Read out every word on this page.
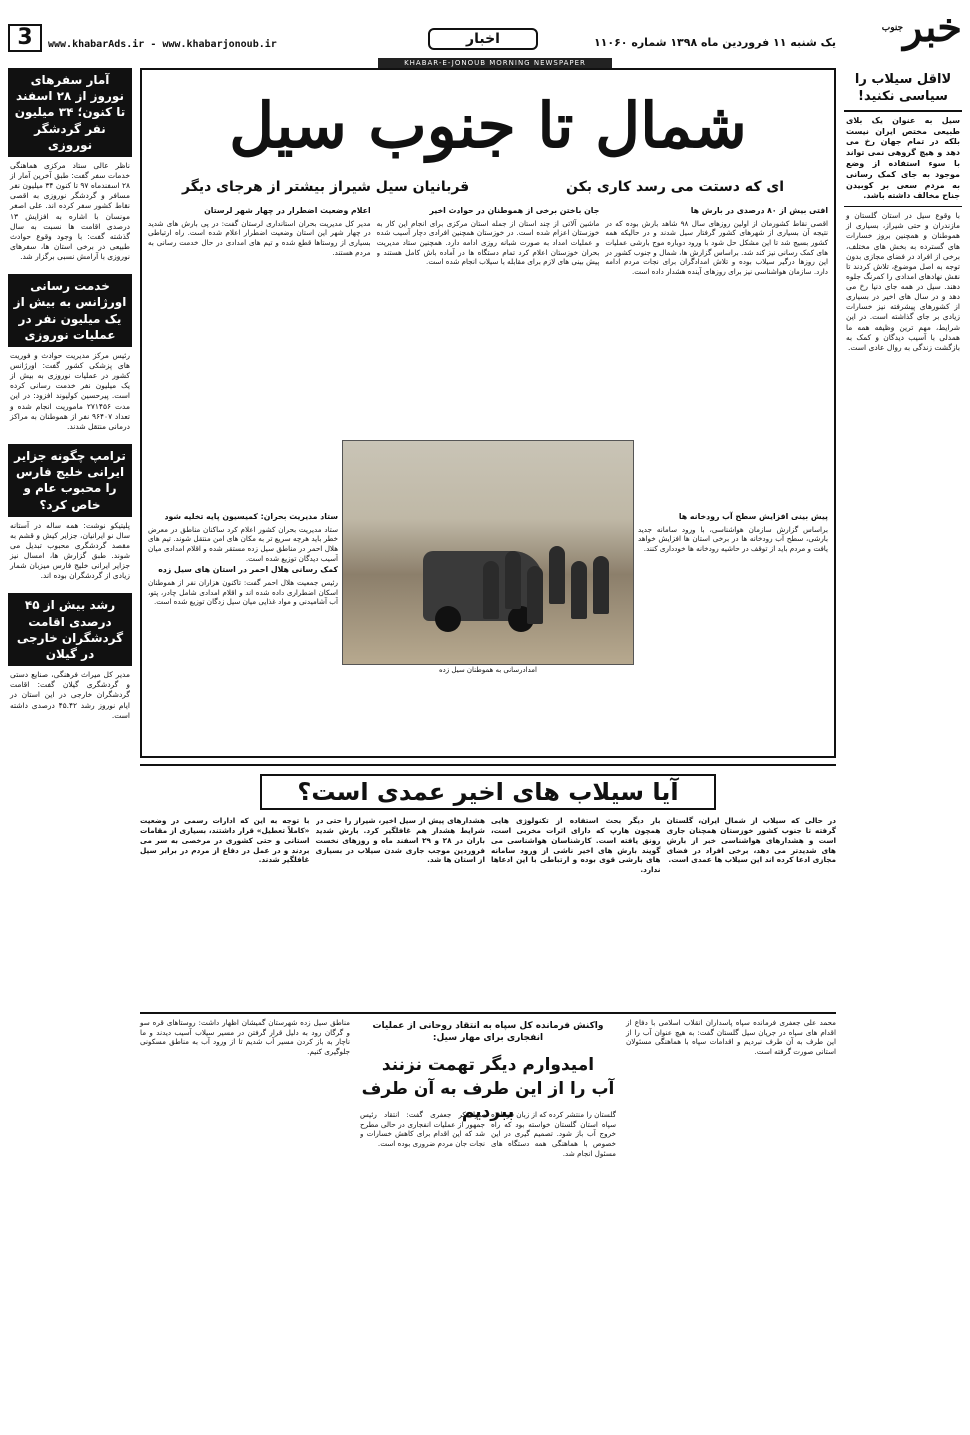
خبر$^{جنوب}$
یک شنبه ۱۱ فروردین ماه ۱۳۹۸ شماره ۱۱۰۶۰
اخبار
www.khabarAds.ir - www.khabarjonoub.ir
3
KHABAR-E-JONOUB MORNING NEWSPAPER
آمار سفرهای نوروز از ۲۸ اسفند تا کنون؛ ۳۴ میلیون نفر گردشگر نوروزی
ناظر عالی ستاد مرکزی هماهنگی خدمات سفر گفت: طبق آخرین آمار از ۲۸ اسفندماه ۹۷ تا کنون ۳۴ میلیون نفر مسافر و گردشگر نوروزی به اقصی نقاط کشور سفر کرده اند. علی اصغر مونسان با اشاره به افزایش ۱۳ درصدی اقامت ها نسبت به سال گذشته گفت: با وجود وقوع حوادث طبیعی در برخی استان ها، سفرهای نوروزی با آرامش نسبی برگزار شد.
خدمت رسانی اورژانس به بیش از یک میلیون نفر در عملیات نوروزی
رئیس مرکز مدیریت حوادث و فوریت های پزشکی کشور گفت: اورژانس کشور در عملیات نوروزی به بیش از یک میلیون نفر خدمت رسانی کرده است. پیرحسین کولیوند افزود: در این مدت ۲۷۱۴۵۶ ماموریت انجام شده و تعداد ۹۶۴۰۷ نفر از هموطنان به مراکز درمانی منتقل شدند.
ترامپ چگونه جزایر ایرانی خلیج فارس را محبوب عام و خاص کرد؟
پلیتیکو نوشت: همه ساله در آستانه سال نو ایرانیان، جزایر کیش و قشم به مقصد گردشگری محبوب تبدیل می شوند. طبق گزارش ها، امسال نیز جزایر ایرانی خلیج فارس میزبان شمار زیادی از گردشگران بوده اند.
رشد بیش از ۴۵ درصدی اقامت گردشگران خارجی در گیلان
مدیر کل میراث فرهنگی، صنایع دستی و گردشگری گیلان گفت: اقامت گردشگران خارجی در این استان در ایام نوروز رشد ۴۵.۴۲ درصدی داشته است.
لااقل سیلاب را سیاسی نکنید!
سیل به عنوان یک بلای طبیعی مختص ایران نیست بلکه در تمام جهان رخ می دهد و هیچ گروهی نمی تواند با سوء استفاده از وضع موجود به جای کمک رسانی به مردم سعی بر کوبیدن جناح مخالف داشته باشد.
با وقوع سیل در استان گلستان و مازندران و حتی شیراز، بسیاری از هموطنان و همچنین بروز خسارات های گسترده به بخش های مختلف، برخی از افراد در فضای مجازی بدون توجه به اصل موضوع، تلاش کردند تا نقش نهادهای امدادی را کمرنگ جلوه دهند. سیل در همه جای دنیا رخ می دهد و در سال های اخیر در بسیاری از کشورهای پیشرفته نیز خسارات زیادی بر جای گذاشته است. در این شرایط، مهم ترین وظیفه همه ما همدلی با آسیب دیدگان و کمک به بازگشت زندگی به روال عادی است.
شمال تا جنوب سیل
ای که دستت می رسد کاری بکن
قربانیان سیل شیراز بیشتر از هرجای دیگر
افتی بیش از ۸۰ درصدی در بارش ها
اقصی نقاط کشورمان از اولین روزهای سال ۹۸ شاهد بارش بوده که در نتیجه آن بسیاری از شهرهای کشور گرفتار سیل شدند و در حالیکه همه کشور بسیج شد تا این مشکل حل شود با ورود دوباره موج بارشی عملیات های کمک رسانی نیز کند شد. براساس گزارش ها، شمال و جنوب کشور در این روزها درگیر سیلاب بوده و تلاش امدادگران برای نجات مردم ادامه دارد. سازمان هواشناسی نیز برای روزهای آینده هشدار داده است.
جان باختن برخی از هموطنان در حوادث اخیر
ماشین آلاتی از چند استان از جمله استان مرکزی برای انجام این کار به خوزستان اعزام شده است. در خوزستان همچنین افرادی دچار آسیب شده و عملیات امداد به صورت شبانه روزی ادامه دارد. همچنین ستاد مدیریت بحران خوزستان اعلام کرد تمام دستگاه ها در آماده باش کامل هستند و پیش بینی های لازم برای مقابله با سیلاب انجام شده است.
اعلام وضعیت اضطرار در چهار شهر لرستان
مدیر کل مدیریت بحران استانداری لرستان گفت: در پی بارش های شدید در چهار شهر این استان وضعیت اضطرار اعلام شده است. راه ارتباطی بسیاری از روستاها قطع شده و تیم های امدادی در حال خدمت رسانی به مردم هستند.
امدادرسانی به هموطنان سیل زده
پیش بینی افزایش سطح آب رودخانه ها
براساس گزارش سازمان هواشناسی، با ورود سامانه جدید بارشی، سطح آب رودخانه ها در برخی استان ها افزایش خواهد یافت و مردم باید از توقف در حاشیه رودخانه ها خودداری کنند.
ستاد مدیریت بحران: کمیسیون پایه تخلیه شود
ستاد مدیریت بحران کشور اعلام کرد ساکنان مناطق در معرض خطر باید هرچه سریع تر به مکان های امن منتقل شوند. تیم های هلال احمر در مناطق سیل زده مستقر شده و اقلام امدادی میان آسیب دیدگان توزیع شده است.
کمک رسانی هلال احمر در استان های سیل زده
رئیس جمعیت هلال احمر گفت: تاکنون هزاران نفر از هموطنان اسکان اضطراری داده شده اند و اقلام امدادی شامل چادر، پتو، آب آشامیدنی و مواد غذایی میان سیل زدگان توزیع شده است.
آیا سیلاب های اخیر عمدی است؟
در حالی که سیلاب از شمال ایران، گلستان گرفته تا جنوب کشور خوزستان همچنان جاری است و هشدارهای هواشناسی خبر از بارش های شدیدتر می دهد، برخی افراد در فضای مجازی ادعا کرده اند این سیلاب ها عمدی است.
بار دیگر بحث استفاده از تکنولوژی هایی همچون هارپ که دارای اثرات مخربی است، رونق یافته است. کارشناسان هواشناسی می گویند بارش های اخیر ناشی از ورود سامانه های بارشی قوی بوده و ارتباطی با این ادعاها ندارد.
هشدارهای پیش از سیل اخیر، شیراز را حتی در شرایط هشدار هم غافلگیر کرد. بارش شدید باران در ۲۸ و ۲۹ اسفند ماه و روزهای نخست فروردین موجب جاری شدن سیلاب در بسیاری از استان ها شد.
با توجه به این که ادارات رسمی در وضعیت «کاملاً تعطیل» قرار داشتند، بسیاری از مقامات استانی و حتی کشوری در مرخصی به سر می بردند و در عمل در دفاع از مردم در برابر سیل غافلگیر شدند.
محمد علی جعفری فرمانده سپاه پاسداران انقلاب اسلامی با دفاع از اقدام های سپاه در جریان سیل گلستان گفت: به هیچ عنوان آب را از این طرف به آن طرف نبردیم و اقدامات سپاه با هماهنگی مسئولان استانی صورت گرفته است.
مناطق سیل زده شهرستان گمیشان اظهار داشت: روستاهای قره سو و گرگان رود به دلیل قرار گرفتن در مسیر سیلاب آسیب دیدند و ما ناچار به باز کردن مسیر آب شدیم تا از ورود آب به مناطق مسکونی جلوگیری کنیم.
واکنش فرمانده کل سپاه به انتقاد روحانی از عملیات انفجاری برای مهار سیل:
امیدوارم دیگر تهمت نزنند
آب را از این طرف به آن طرف ببردیم
گلستان را منتشر کرده که از زبان فرمانده سپاه استان گلستان خواسته بود که راه خروج آب باز شود. تصمیم گیری در این خصوص با هماهنگی همه دستگاه های مسئول انجام شد.
سرلشکر جعفری گفت: انتقاد رئیس جمهور از عملیات انفجاری در حالی مطرح شد که این اقدام برای کاهش خسارات و نجات جان مردم ضروری بوده است.
